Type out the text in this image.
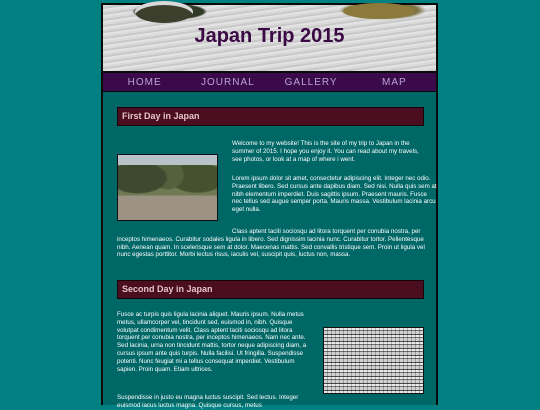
Japan Trip 2015
HOME	JOURNAL	GALLERY	MAP
First Day in Japan

Welcome to my website! This is the site of my trip to Japan in the summer of 2015. I hope you enjoy it. You can read about my travels, see photos, or look at a map of where i went.

Lorem ipsum dolor sit amet, consectetur adipiscing elit. Integer nec odio. Praesent libero. Sed cursus ante dapibus diam. Sed nisi. Nulla quis sem at nibh elementum imperdiet. Duis sagittis ipsum. Praesent mauris. Fusce nec tellus sed augue semper porta. Mauris massa. Vestibulum lacinia arcu eget nulla.

Class aptent taciti sociosqu ad litora torquent per conubia nostra, per inceptos himenaeos. Curabitur sodales ligula in libero. Sed dignissim lacinia nunc. Curabitur tortor. Pellentesque nibh. Aenean quam. In scelerisque sem at dolor. Maecenas mattis. Sed convallis tristique sem. Proin ut ligula vel nunc egestas porttitor. Morbi lectus risus, iaculis vel, suscipit quis, luctus non, massa.

Second Day in Japan

Fusce ac turpis quis ligula lacinia aliquet. Mauris ipsum. Nulla metus metus, ullamcorper vel, tincidunt sed, euismod in, nibh. Quisque volutpat condimentum velit. Class aptent taciti sociosqu ad litora torquent per conubia nostra, per inceptos himenaeos. Nam nec ante. Sed lacinia, urna non tincidunt mattis, tortor neque adipiscing diam, a cursus ipsum ante quis turpis. Nulla facilisi. Ut fringilla. Suspendisse potenti. Nunc feugiat mi a tellus consequat imperdiet. Vestibulum sapien. Proin quam. Etiam ultrices.

Suspendisse in justo eu magna luctus suscipit. Sed lectus. Integer euismod lacus luctus magna. Quisque cursus, metus
